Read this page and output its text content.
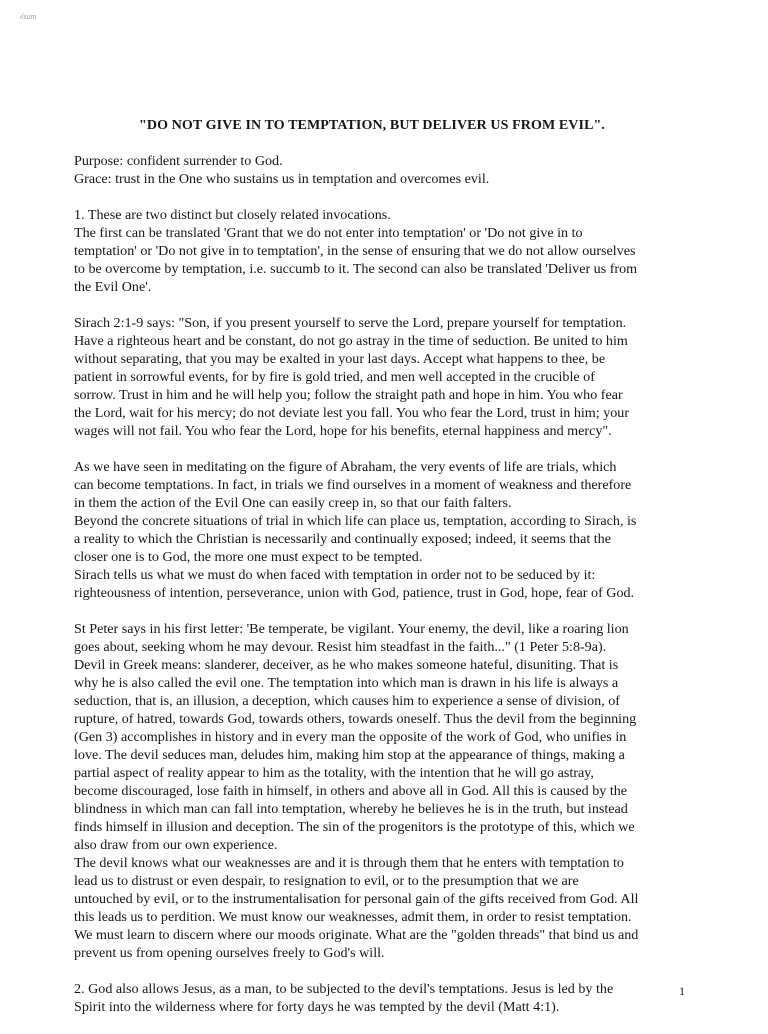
ésam
"DO NOT GIVE IN TO TEMPTATION, BUT DELIVER US FROM EVIL".
Purpose: confident surrender to God.
Grace: trust in the One who sustains us in temptation and overcomes evil.
1. These are two distinct but closely related invocations.
The first can be translated 'Grant that we do not enter into temptation' or 'Do not give in to
temptation' or 'Do not give in to temptation', in the sense of ensuring that we do not allow ourselves
to be overcome by temptation, i.e. succumb to it. The second can also be translated 'Deliver us from
the Evil One'.
Sirach 2:1-9 says: "Son, if you present yourself to serve the Lord, prepare yourself for temptation.
Have a righteous heart and be constant, do not go astray in the time of seduction. Be united to him
without separating, that you may be exalted in your last days. Accept what happens to thee, be
patient in sorrowful events, for by fire is gold tried, and men well accepted in the crucible of
sorrow. Trust in him and he will help you; follow the straight path and hope in him. You who fear
the Lord, wait for his mercy; do not deviate lest you fall. You who fear the Lord, trust in him; your
wages will not fail. You who fear the Lord, hope for his benefits, eternal happiness and mercy".
As we have seen in meditating on the figure of Abraham, the very events of life are trials, which
can become temptations. In fact, in trials we find ourselves in a moment of weakness and therefore
in them the action of the Evil One can easily creep in, so that our faith falters.
Beyond the concrete situations of trial in which life can place us, temptation, according to Sirach, is
a reality to which the Christian is necessarily and continually exposed; indeed, it seems that the
closer one is to God, the more one must expect to be tempted.
Sirach tells us what we must do when faced with temptation in order not to be seduced by it:
righteousness of intention, perseverance, union with God, patience, trust in God, hope, fear of God.
St Peter says in his first letter: 'Be temperate, be vigilant. Your enemy, the devil, like a roaring lion
goes about, seeking whom he may devour. Resist him steadfast in the faith..." (1 Peter 5:8-9a).
Devil in Greek means: slanderer, deceiver, as he who makes someone hateful, disuniting. That is
why he is also called the evil one. The temptation into which man is drawn in his life is always a
seduction, that is, an illusion, a deception, which causes him to experience a sense of division, of
rupture, of hatred, towards God, towards others, towards oneself. Thus the devil from the beginning
(Gen 3) accomplishes in history and in every man the opposite of the work of God, who unifies in
love. The devil seduces man, deludes him, making him stop at the appearance of things, making a
partial aspect of reality appear to him as the totality, with the intention that he will go astray,
become discouraged, lose faith in himself, in others and above all in God. All this is caused by the
blindness in which man can fall into temptation, whereby he believes he is in the truth, but instead
finds himself in illusion and deception. The sin of the progenitors is the prototype of this, which we
also draw from our own experience.
The devil knows what our weaknesses are and it is through them that he enters with temptation to
lead us to distrust or even despair, to resignation to evil, or to the presumption that we are
untouched by evil, or to the instrumentalisation for personal gain of the gifts received from God. All
this leads us to perdition. We must know our weaknesses, admit them, in order to resist temptation.
We must learn to discern where our moods originate. What are the "golden threads" that bind us and
prevent us from opening ourselves freely to God's will.
2. God also allows Jesus, as a man, to be subjected to the devil's temptations. Jesus is led by the
Spirit into the wilderness where for forty days he was tempted by the devil (Matt 4:1).
1
